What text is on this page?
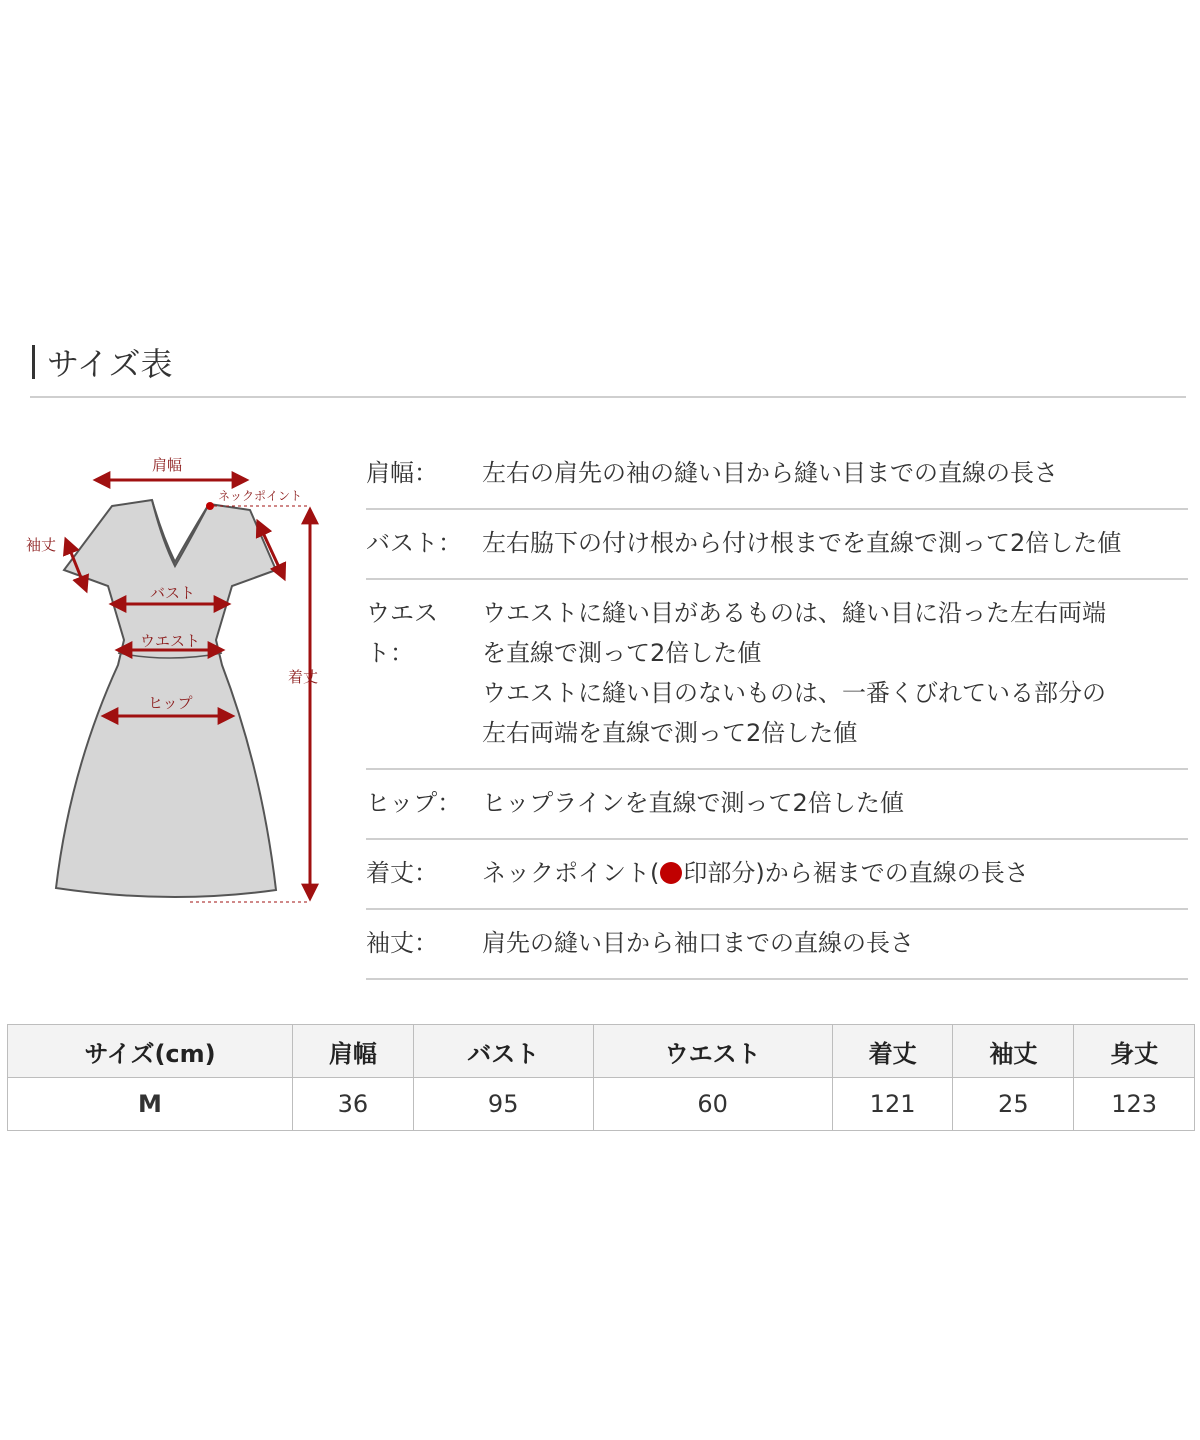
サイズ表
肩幅
ネックポイント
袖丈
バスト
ウエスト
ヒップ
着丈
肩幅：	左右の肩先の袖の縫い目から縫い目までの直線の長さ
バスト： 左右脇下の付け根から付け根までを直線で測って2倍した値
ウエスト：
ウエストに縫い目があるものは、縫い目に沿った左右両端
を直線で測って2倍した値
ウエストに縫い目のないものは、一番くびれている部分の
左右両端を直線で測って2倍した値
ヒップ： ヒップラインを直線で測って2倍した値
着丈：	ネックポイント( 印部分)から裾までの直線の長さ
袖丈：	肩先の縫い目から袖口までの直線の長さ
サイズ(cm)	肩幅	バスト	ウエスト	着丈	袖丈	身丈
M	36	95	60	121	25	123
